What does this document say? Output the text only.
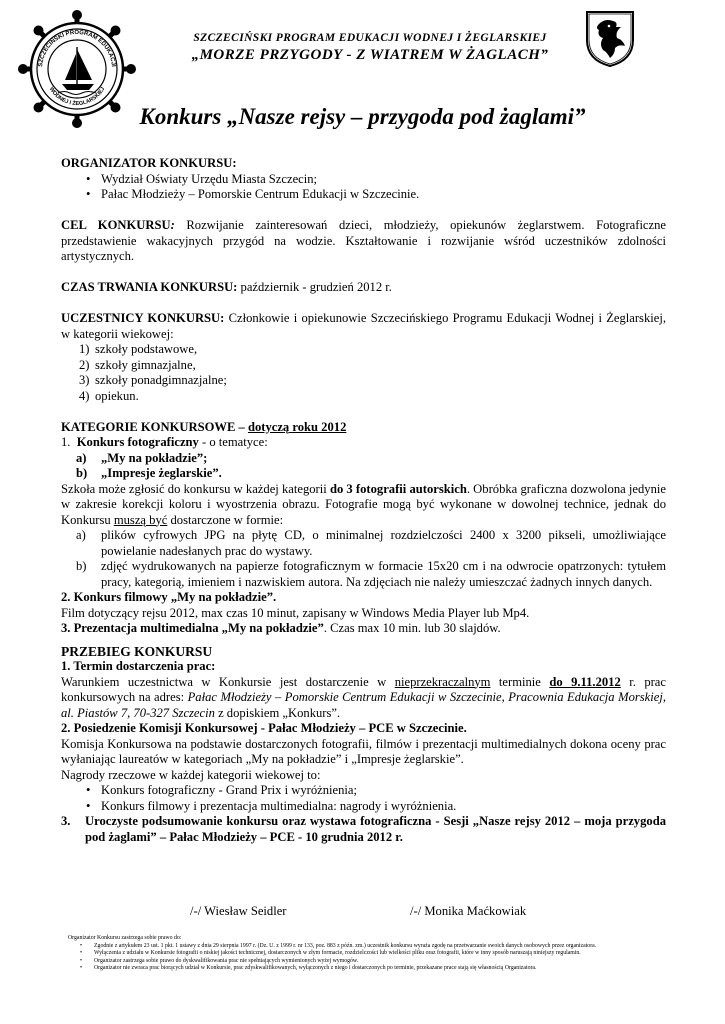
SZCZECIŃSKI PROGRAM EDUKACJI
WODNEJ I ŻEGLARSKIEJ
SZCZECIŃSKI PROGRAM EDUKACJI WODNEJ I ŻEGLARSKIEJ
„MORZE PRZYGODY - Z WIATREM W ŻAGLACH”
Konkurs „Nasze rejsy – przygoda pod żaglami”

ORGANIZATOR KONKURSU:

• Wydział Oświaty Urzędu Miasta Szczecin;
• Pałac Młodzieży – Pomorskie Centrum Edukacji w Szczecinie.

CEL KONKURSU: Rozwijanie zainteresowań dzieci, młodzieży, opiekunów żeglarstwem. Fotograficzne przedstawienie wakacyjnych przygód na wodzie. Kształtowanie i rozwijanie wśród uczestników zdolności artystycznych.

CZAS TRWANIA KONKURSU: październik - grudzień 2012 r.

UCZESTNICY KONKURSU: Członkowie i opiekunowie Szczecińskiego Programu Edukacji Wodnej i Żeglarskiej, w kategorii wiekowej:

1) szkoły podstawowe,
2) szkoły gimnazjalne,
3) szkoły ponadgimnazjalne;
4) opiekun.

KATEGORIE KONKURSOWE – dotyczą roku 2012

1. Konkurs fotograficzny - o tematyce:

a) „My na pokładzie”;
b) „Impresje żeglarskie”.

Szkoła może zgłosić do konkursu w każdej kategorii do 3 fotografii autorskich. Obróbka graficzna dozwolona jedynie w zakresie korekcji koloru i wyostrzenia obrazu. Fotografie mogą być wykonane w dowolnej technice, jednak do Konkursu muszą być dostarczone w formie:

a) plików cyfrowych JPG na płytę CD, o minimalnej rozdzielczości 2400 x 3200 pikseli, umożliwiające powielanie nadesłanych prac do wystawy.
b) zdjęć wydrukowanych na papierze fotograficznym w formacie 15x20 cm i na odwrocie opatrzonych: tytułem pracy, kategorią, imieniem i nazwiskiem autora. Na zdjęciach nie należy umieszczać żadnych innych danych.

2. Konkurs filmowy „My na pokładzie”.

Film dotyczący rejsu 2012, max czas 10 minut, zapisany w Windows Media Player lub Mp4.

3. Prezentacja multimedialna „My na pokładzie”. Czas max 10 min. lub 30 slajdów.

PRZEBIEG KONKURSU

1. Termin dostarczenia prac:

Warunkiem uczestnictwa w Konkursie jest dostarczenie w nieprzekraczalnym terminie do 9.11.2012 r. prac konkursowych na adres: Pałac Młodzieży – Pomorskie Centrum Edukacji w Szczecinie, Pracownia Edukacja Morskiej, al. Piastów 7, 70-327 Szczecin z dopiskiem „Konkurs”.

2. Posiedzenie Komisji Konkursowej - Pałac Młodzieży – PCE w Szczecinie.

Komisja Konkursowa na podstawie dostarczonych fotografii, filmów i prezentacji multimedialnych dokona oceny prac wyłaniając laureatów w kategoriach „My na pokładzie” i „Impresje żeglarskie”.

Nagrody rzeczowe w każdej kategorii wiekowej to:

• Konkurs fotograficzny - Grand Prix i wyróżnienia;
• Konkurs filmowy i prezentacja multimedialna: nagrody i wyróżnienia.

3. Uroczyste podsumowanie konkursu oraz wystawa fotograficzna - Sesji „Nasze rejsy 2012 – moja przygoda pod żaglami” – Pałac Młodzieży – PCE - 10 grudnia 2012 r.

/-/ Wiesław Seidler	/-/ Monika Maćkowiak
Organizator Konkursu zastrzega sobie prawo do:
• Zgodnie z artykułem 23 ust. 1 pkt. 1 ustawy z dnia 29 sierpnia 1997 r. (Dz. U. z 1999 r. nr 133, poz. 883 z późn. zm.) uczestnik konkursu wyraża zgodę na przetwarzanie swoich danych osobowych przez organizatora.
• Wyłączenia z udziału w Konkursie fotografii o niskiej jakości technicznej, dostarczonych w złym formacie, rozdzielczości lub wielkości pliku oraz fotografii, które w inny sposób naruszają niniejszy regulamin.
• Organizator zastrzega sobie prawo do dyskwalifikowania prac nie spełniających wymienionych wyżej wymogów.
• Organizator nie zwraca prac biorących udział w Konkursie, prac zdyskwalifikowanych, wyłączonych z niego i dostarczonych po terminie, przekazane prace stają się własnością Organizatora.
